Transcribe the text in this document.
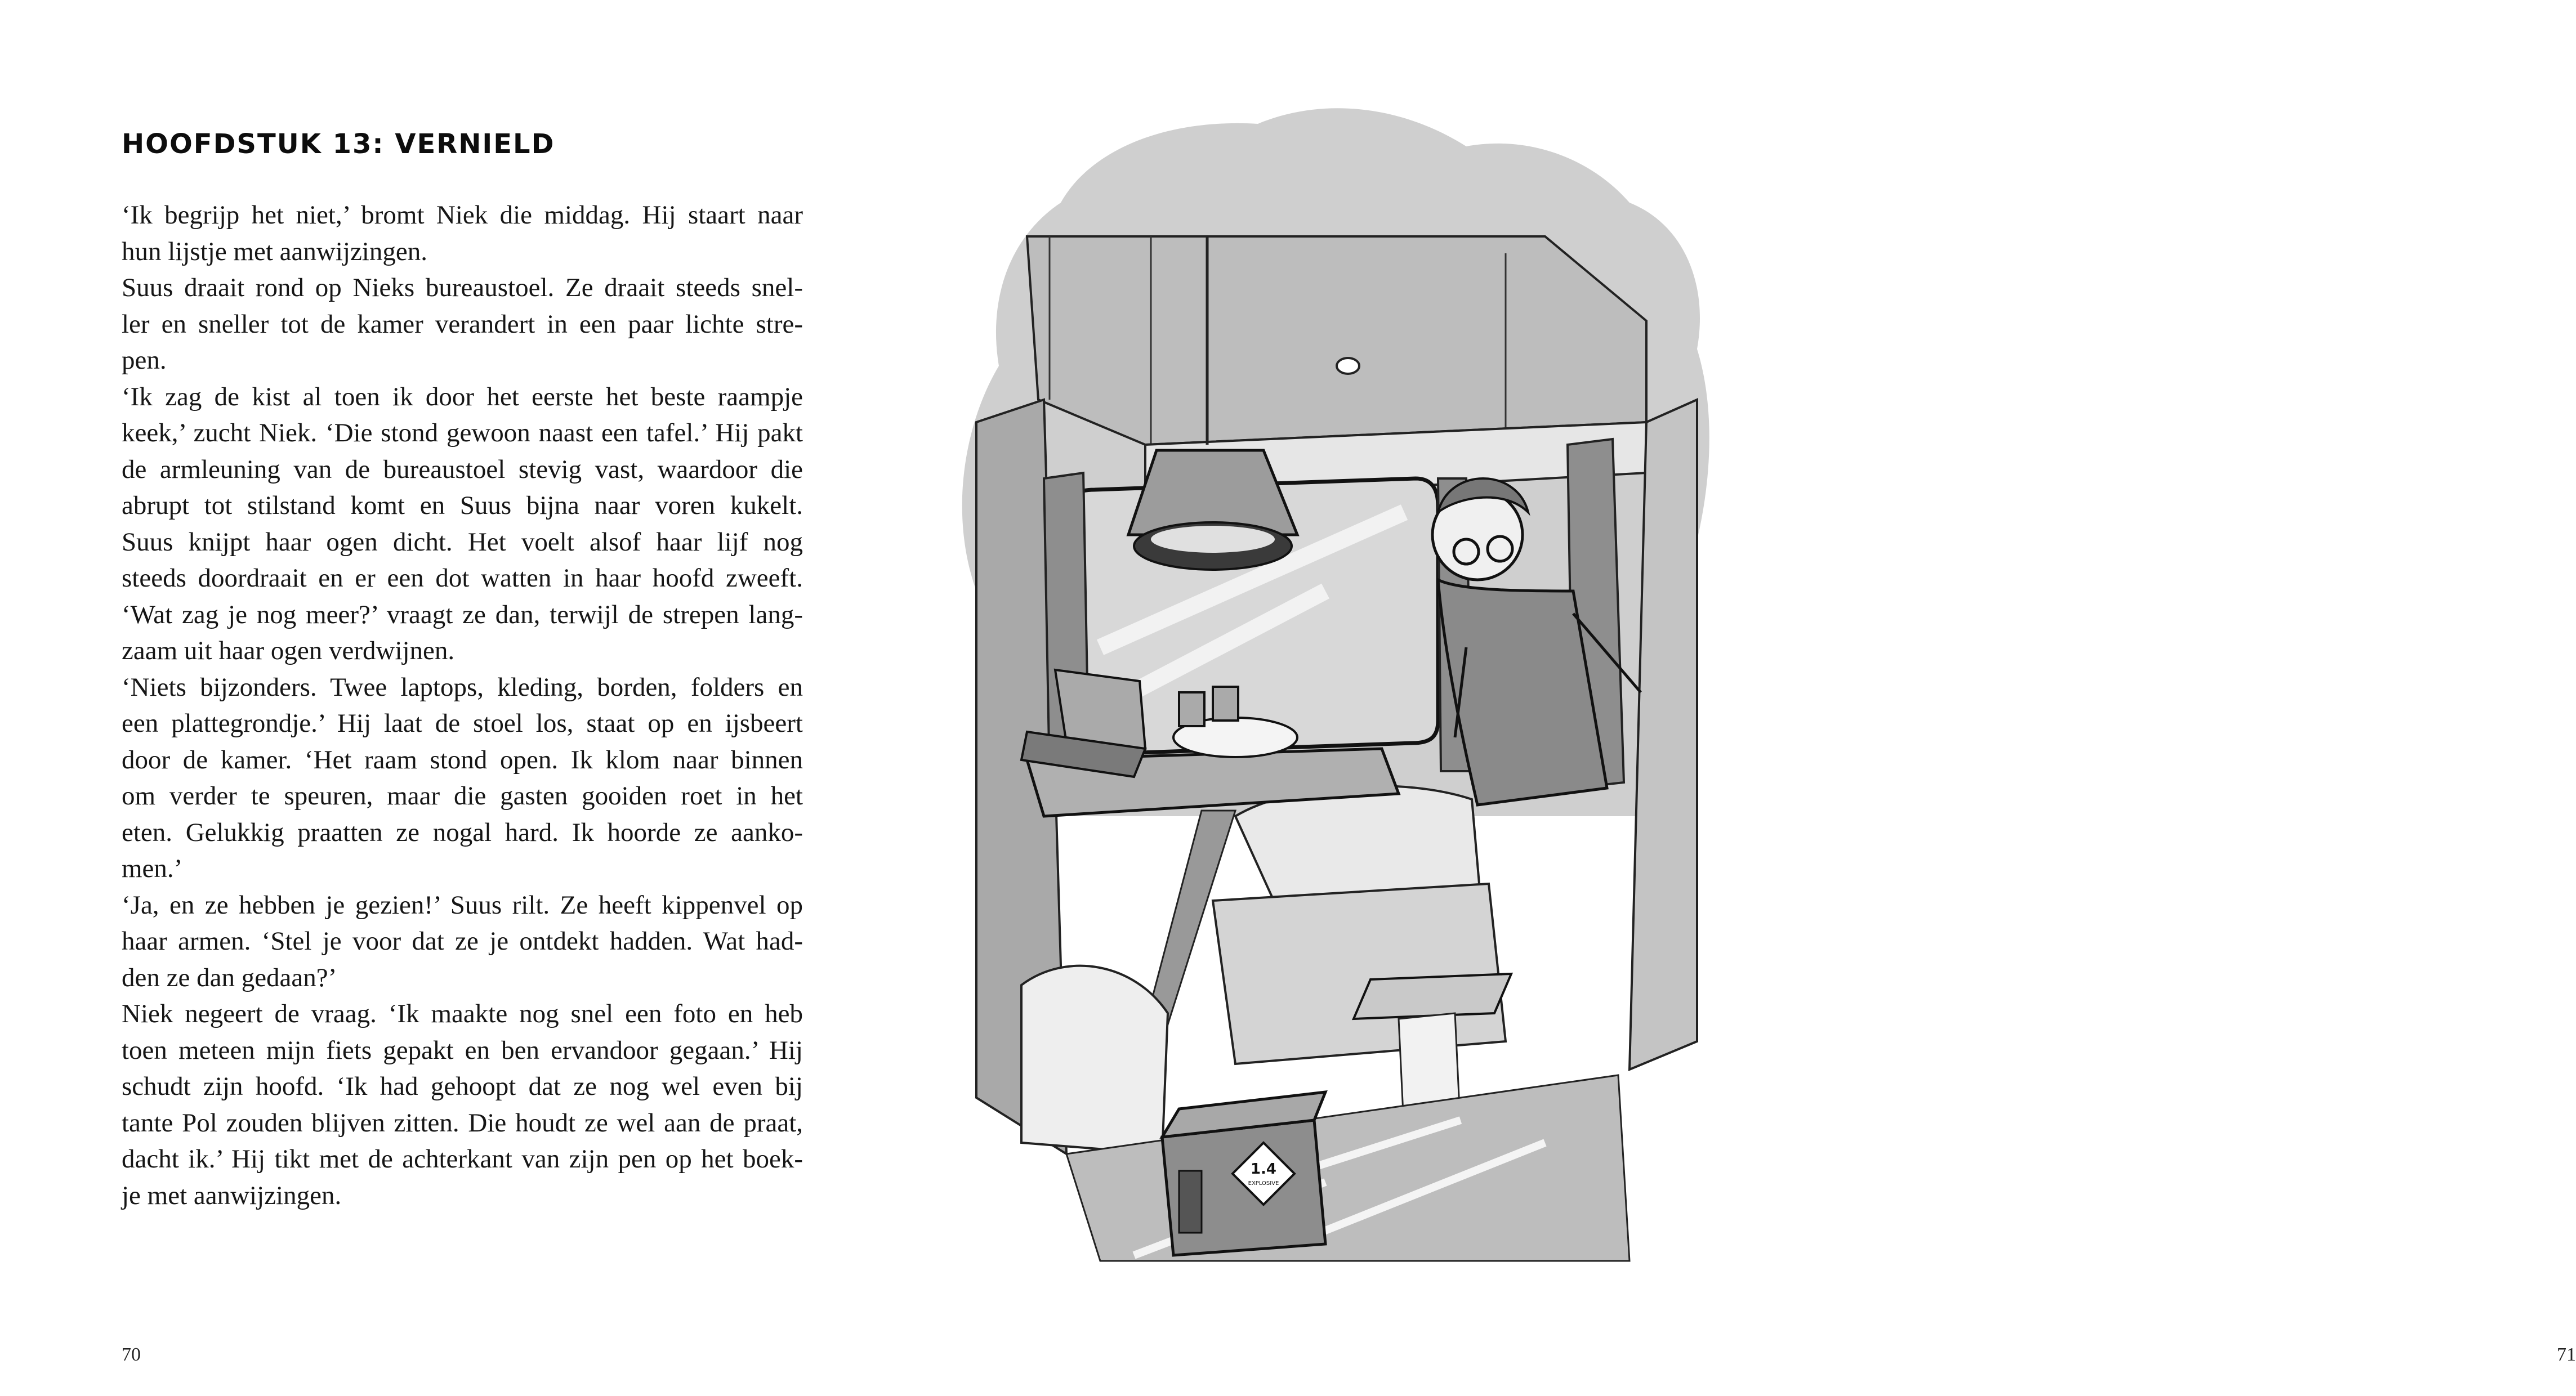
HOOFDSTUK 13: VERNIELD
‘Ik begrijp het niet,’ bromt Niek die middag. Hij staart naar
hun lijstje met aanwijzingen.
Suus draait rond op Nieks bureaustoel. Ze draait steeds snel-
ler en sneller tot de kamer verandert in een paar lichte stre-
pen.
‘Ik zag de kist al toen ik door het eerste het beste raampje
keek,’ zucht Niek. ‘Die stond gewoon naast een tafel.’ Hij pakt
de armleuning van de bureaustoel stevig vast, waardoor die
abrupt tot stilstand komt en Suus bijna naar voren kukelt.
Suus knijpt haar ogen dicht. Het voelt alsof haar lijf nog
steeds doordraait en er een dot watten in haar hoofd zweeft.
‘Wat zag je nog meer?’ vraagt ze dan, terwijl de strepen lang-
zaam uit haar ogen verdwijnen.
‘Niets bijzonders. Twee laptops, kleding, borden, folders en
een plattegrondje.’ Hij laat de stoel los, staat op en ijsbeert
door de kamer. ‘Het raam stond open. Ik klom naar binnen
om verder te speuren, maar die gasten gooiden roet in het
eten. Gelukkig praatten ze nogal hard. Ik hoorde ze aanko-
men.’
‘Ja, en ze hebben je gezien!’ Suus rilt. Ze heeft kippenvel op
haar armen. ‘Stel je voor dat ze je ontdekt hadden. Wat had-
den ze dan gedaan?’
Niek negeert de vraag. ‘Ik maakte nog snel een foto en heb
toen meteen mijn fiets gepakt en ben ervandoor gegaan.’ Hij
schudt zijn hoofd. ‘Ik had gehoopt dat ze nog wel even bij
tante Pol zouden blijven zitten. Die houdt ze wel aan de praat,
dacht ik.’ Hij tikt met de achterkant van zijn pen op het boek-
je met aanwijzingen.
70	71
1.4
EXPLOSIVE
